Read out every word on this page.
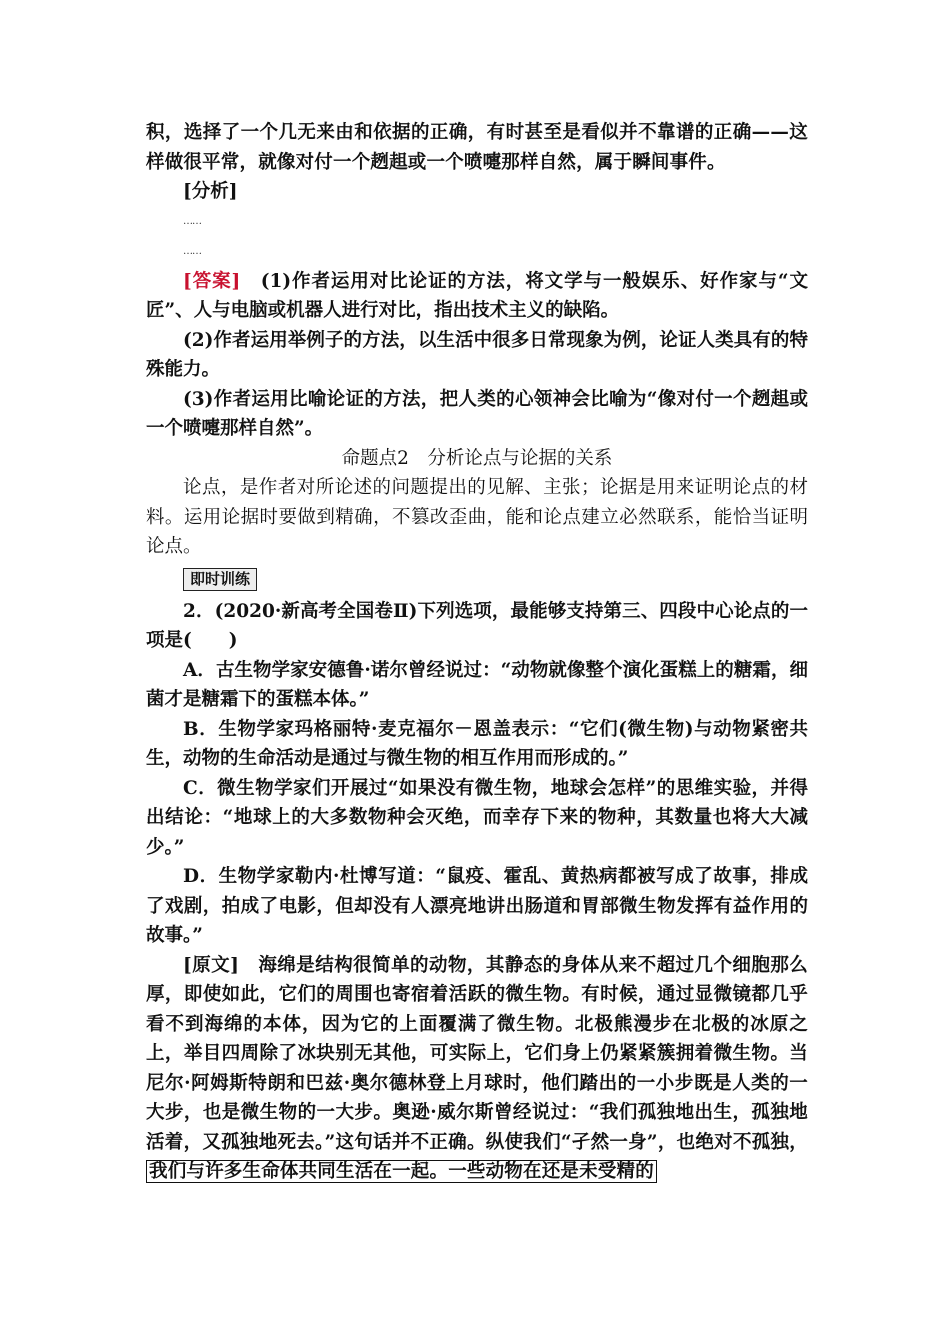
积，选择了一个几无来由和依据的正确，有时甚至是看似并不靠谱的正确——这样做很平常，就像对付一个趔趄或一个喷嚏那样自然，属于瞬间事件。

[分析]

……
……

[答案]　 (1)作者运用对比论证的方法，将文学与一般娱乐、好作家与“文匠”、人与电脑或机器人进行对比，指出技术主义的缺陷。

(2)作者运用举例子的方法，以生活中很多日常现象为例，论证人类具有的特殊能力。

(3)作者运用比喻论证的方法，把人类的心领神会比喻为“像对付一个趔趄或一个喷嚏那样自然”。

命题点2　分析论点与论据的关系

论点，是作者对所论述的问题提出的见解、主张；论据是用来证明论点的材料。运用论据时要做到精确，不篡改歪曲，能和论点建立必然联系，能恰当证明论点。

即时训练

2．(2020·新高考全国卷Ⅱ)下列选项，最能够支持第三、四段中心论点的一项是(　　)

A．古生物学家安德鲁·诺尔曾经说过：“动物就像整个演化蛋糕上的糖霜，细菌才是糖霜下的蛋糕本体。”

B．生物学家玛格丽特·麦克福尔－恩盖表示：“它们(微生物)与动物紧密共生，动物的生命活动是通过与微生物的相互作用而形成的。”

C．微生物学家们开展过“如果没有微生物，地球会怎样”的思维实验，并得出结论：“地球上的大多数物种会灭绝，而幸存下来的物种，其数量也将大大减少。”

D．生物学家勒内·杜博写道：“鼠疫、霍乱、黄热病都被写成了故事，排成了戏剧，拍成了电影，但却没有人漂亮地讲出肠道和胃部微生物发挥有益作用的故事。”

[原文]　 海绵是结构很简单的动物，其静态的身体从来不超过几个细胞那么厚，即使如此，它们的周围也寄宿着活跃的微生物。有时候，通过显微镜都几乎看不到海绵的本体，因为它的上面覆满了微生物。北极熊漫步在北极的冰原之上，举目四周除了冰块别无其他，可实际上，它们身上仍紧紧簇拥着微生物。当尼尔·阿姆斯特朗和巴兹·奥尔德林登上月球时，他们踏出的一小步既是人类的一大步，也是微生物的一大步。奥逊·威尔斯曾经说过：“我们孤独地出生，孤独地活着，又孤独地死去。”这句话并不正确。纵使我们“孑然一身”，也绝对不孤独，我们与许多生命体共同生活在一起。一些动物在还是未受精的
